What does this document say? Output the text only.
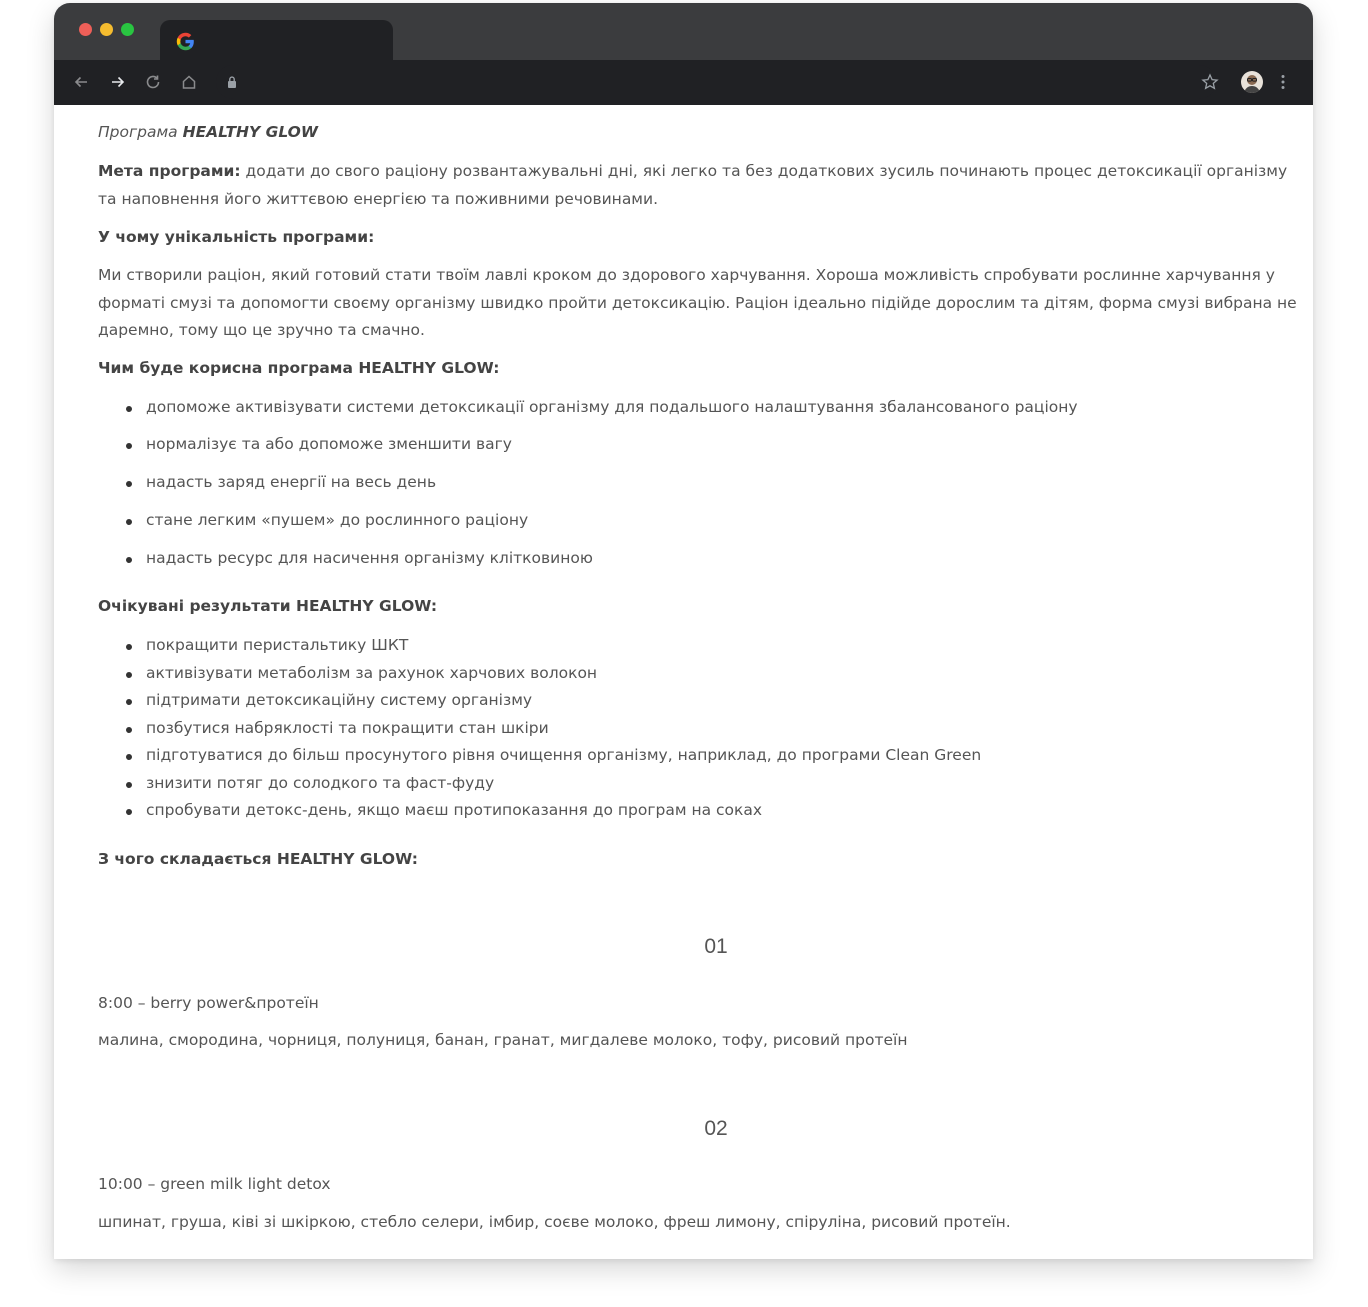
Програма HEALTHY GLOW

Мета програми: додати до свого раціону розвантажувальні дні, які легко та без додаткових зусиль починають процес детоксикації організму та наповнення його життєвою енергією та поживними речовинами.

У чому унікальність програми:

Ми створили раціон, який готовий стати твоїм лавлі кроком до здорового харчування. Хороша можливість спробувати рослинне харчування у форматі смузі та допомогти своєму організму швидко пройти детоксикацію. Раціон ідеально підійде дорослим та дітям, форма смузі вибрана не даремно, тому що це зручно та смачно.

Чим буде корисна програма HEALTHY GLOW:
допоможе активізувати системи детоксикації організму для подальшого налаштування збалансованого раціону
нормалізує та або допоможе зменшити вагу
надасть заряд енергії на весь день
стане легким «пушем» до рослинного раціону
надасть ресурс для насичення організму клітковиною
Очікувані результати HEALTHY GLOW:
покращити перистальтику ШКТ
активізувати метаболізм за рахунок харчових волокон
підтримати детоксикаційну систему організму
позбутися набряклості та покращити стан шкіри
підготуватися до більш просунутого рівня очищення організму, наприклад, до програми Clean Green
знизити потяг до солодкого та фаст-фуду
спробувати детокс-день, якщо маєш протипоказання до програм на соках
З чого складається HEALTHY GLOW:
01

8:00 – berry power&протеїн

малина, смородина, чорниця, полуниця, банан, гранат, мигдалеве молоко, тофу, рисовий протеїн

02

10:00 – green milk light detox

шпинат, груша, ківі зі шкіркою, стебло селери, імбир, соєве молоко, фреш лимону, спіруліна, рисовий протеїн.
